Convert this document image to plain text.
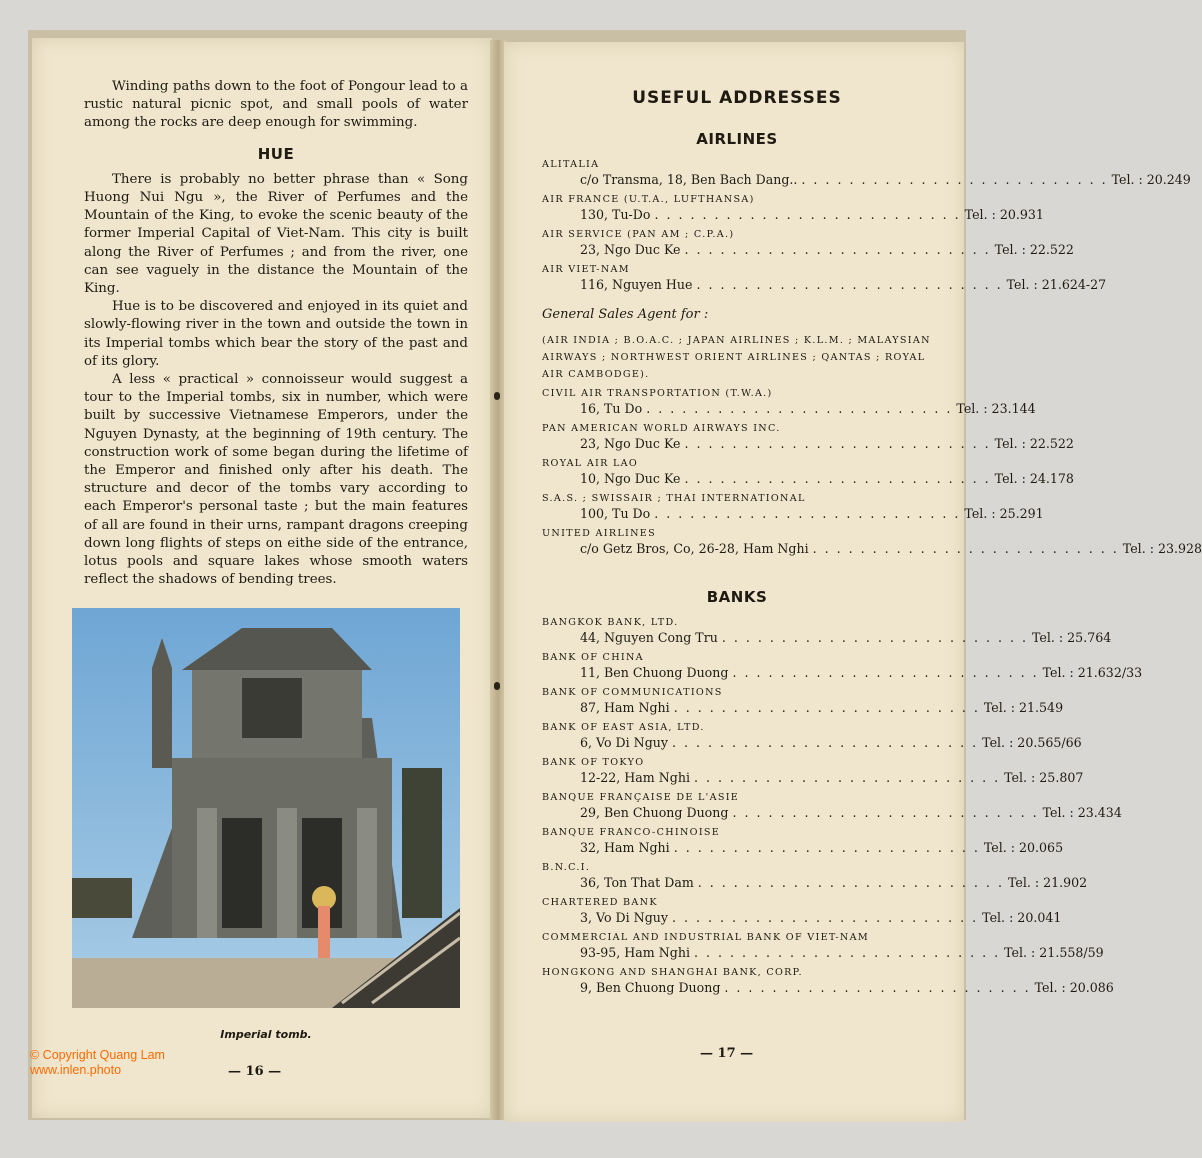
Winding paths down to the foot of Pongour lead to a rustic natural picnic spot, and small pools of water among the rocks are deep enough for swimming.

HUE

There is probably no better phrase than « Song Huong Nui Ngu », the River of Perfumes and the Mountain of the King, to evoke the scenic beauty of the former Imperial Capital of Viet-Nam. This city is built along the River of Perfumes ; and from the river, one can see vaguely in the distance the Mountain of the King.

Hue is to be discovered and enjoyed in its quiet and slowly-flowing river in the town and outside the town in its Imperial tombs which bear the story of the past and of its glory.

A less « practical » connoisseur would suggest a tour to the Imperial tombs, six in number, which were built by successive Vietnamese Emperors, under the Nguyen Dynasty, at the beginning of 19th century. The construction work of some began during the lifetime of the Emperor and finished only after his death. The structure and decor of the tombs vary according to each Emperor's personal taste ; but the main features of all are found in their urns, rampant dragons creeping down long flights of steps on eithe side of the entrance, lotus pools and square lakes whose smooth waters reflect the shadows of bending trees.

Imperial tomb.
— 16 —
— 17 —
USEFUL ADDRESSES
AIRLINES
ALITALIA
c/o Transma, 18, Ben Bach Dang.. . . . . . . . . . . . . . . . . . . . . . . . . . . Tel. : 20.249
AIR FRANCE (U.T.A., LUFTHANSA)
130, Tu-Do . . . . . . . . . . . . . . . . . . . . . . . . . . Tel. : 20.931
AIR SERVICE (PAN AM ; C.P.A.)
23, Ngo Duc Ke . . . . . . . . . . . . . . . . . . . . . . . . . . Tel. : 22.522
AIR VIET-NAM
116, Nguyen Hue . . . . . . . . . . . . . . . . . . . . . . . . . . Tel. : 21.624-27
General Sales Agent for :
(AIR INDIA ; B.O.A.C. ; JAPAN AIRLINES ; K.L.M. ; MALAYSIAN AIRWAYS ; NORTHWEST ORIENT AIRLINES ; QANTAS ; ROYAL AIR CAMBODGE).
CIVIL AIR TRANSPORTATION (T.W.A.)
16, Tu Do . . . . . . . . . . . . . . . . . . . . . . . . . . Tel. : 23.144
PAN AMERICAN WORLD AIRWAYS INC.
23, Ngo Duc Ke . . . . . . . . . . . . . . . . . . . . . . . . . . Tel. : 22.522
ROYAL AIR LAO
10, Ngo Duc Ke . . . . . . . . . . . . . . . . . . . . . . . . . . Tel. : 24.178
S.A.S. ; SWISSAIR ; THAI INTERNATIONAL
100, Tu Do . . . . . . . . . . . . . . . . . . . . . . . . . . Tel. : 25.291
UNITED AIRLINES
c/o Getz Bros, Co, 26-28, Ham Nghi . . . . . . . . . . . . . . . . . . . . . . . . . . Tel. : 23.928
BANKS
BANGKOK BANK, LTD.
44, Nguyen Cong Tru . . . . . . . . . . . . . . . . . . . . . . . . . . Tel. : 25.764
BANK OF CHINA
11, Ben Chuong Duong . . . . . . . . . . . . . . . . . . . . . . . . . . Tel. : 21.632/33
BANK OF COMMUNICATIONS
87, Ham Nghi . . . . . . . . . . . . . . . . . . . . . . . . . . Tel. : 21.549
BANK OF EAST ASIA, LTD.
6, Vo Di Nguy . . . . . . . . . . . . . . . . . . . . . . . . . . Tel. : 20.565/66
BANK OF TOKYO
12-22, Ham Nghi . . . . . . . . . . . . . . . . . . . . . . . . . . Tel. : 25.807
BANQUE FRANÇAISE DE L'ASIE
29, Ben Chuong Duong . . . . . . . . . . . . . . . . . . . . . . . . . . Tel. : 23.434
BANQUE FRANCO-CHINOISE
32, Ham Nghi . . . . . . . . . . . . . . . . . . . . . . . . . . Tel. : 20.065
B.N.C.I.
36, Ton That Dam . . . . . . . . . . . . . . . . . . . . . . . . . . Tel. : 21.902
CHARTERED BANK
3, Vo Di Nguy . . . . . . . . . . . . . . . . . . . . . . . . . . Tel. : 20.041
COMMERCIAL AND INDUSTRIAL BANK OF VIET-NAM
93-95, Ham Nghi . . . . . . . . . . . . . . . . . . . . . . . . . . Tel. : 21.558/59
HONGKONG AND SHANGHAI BANK, CORP.
9, Ben Chuong Duong . . . . . . . . . . . . . . . . . . . . . . . . . . Tel. : 20.086
© Copyright Quang Lam
www.inlen.photo
